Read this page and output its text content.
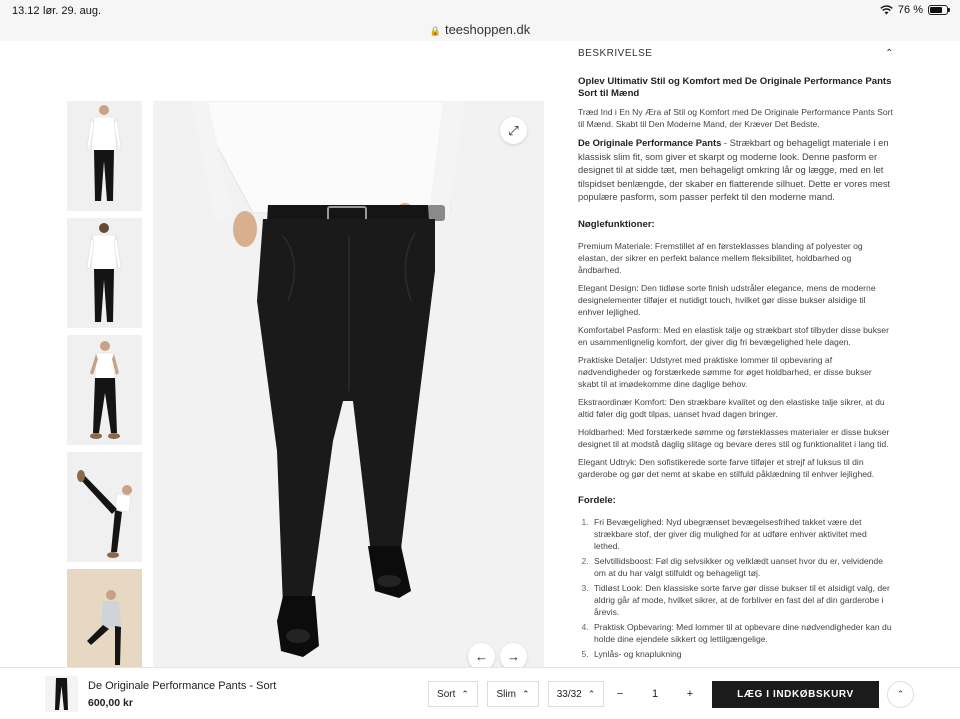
13.12 lør. 29. aug.	76 %
🔒 teeshoppen.dk
⤢
← →
BESKRIVELSE	⌃
Oplev Ultimativ Stil og Komfort med De Originale Performance Pants Sort til Mænd

Træd Ind i En Ny Æra af Stil og Komfort med De Originale Performance Pants Sort til Mænd. Skabt til Den Moderne Mand, der Kræver Det Bedste.

De Originale Performance Pants - Strækbart og behageligt materiale i en klassisk slim fit, som giver et skarpt og moderne look. Denne pasform er designet til at sidde tæt, men behageligt omkring lår og lægge, med en let tilspidset benlængde, der skaber en flatterende silhuet. Dette er vores mest populære pasform, som passer perfekt til den moderne mand.

Nøglefunktioner:

Premium Materiale: Fremstillet af en førsteklasses blanding af polyester og elastan, der sikrer en perfekt balance mellem fleksibilitet, holdbarhed og åndbarhed.

Elegant Design: Den tidløse sorte finish udstråler elegance, mens de moderne designelementer tilføjer et nutidigt touch, hvilket gør disse bukser alsidige til enhver lejlighed.

Komfortabel Pasform: Med en elastisk talje og strækbart stof tilbyder disse bukser en usammenlignelig komfort, der giver dig fri bevægelighed hele dagen.

Praktiske Detaljer: Udstyret med praktiske lommer til opbevaring af nødvendigheder og forstærkede sømme for øget holdbarhed, er disse bukser skabt til at imødekomme dine daglige behov.

Ekstraordinær Komfort: Den strækbare kvalitet og den elastiske talje sikrer, at du altid føler dig godt tilpas, uanset hvad dagen bringer.

Holdbarhed: Med forstærkede sømme og førsteklasses materialer er disse bukser designet til at modstå daglig slitage og bevare deres stil og funktionalitet i lang tid.

Elegant Udtryk: Den sofistikerede sorte farve tilføjer et strejf af luksus til din garderobe og gør det nemt at skabe en stilfuld påklædning til enhver lejlighed.

Fordele:
1. Fri Bevægelighed: Nyd ubegrænset bevægelsesfrihed takket være det strækbare stof, der giver dig mulighed for at udføre enhver aktivitet med lethed.
2. Selvtillidsboost: Føl dig selvsikker og velklædt uanset hvor du er, velvidende om at du har valgt stilfuldt og behageligt tøj.
3. Tidløst Look: Den klassiske sorte farve gør disse bukser til et alsidigt valg, der aldrig går af mode, hvilket sikrer, at de forbliver en fast del af din garderobe i årevis.
4. Praktisk Opbevaring: Med lommer til at opbevare dine nødvendigheder kan du holde dine ejendele sikkert og lettilgængelige.
5. Lynlås- og knaplukning
De Originale Performance Pants - Sort
600,00 kr
Sort ⌃	Slim ⌃	33/32 ⌃	−	1	+	LÆG I INDKØBSKURV	⌃
